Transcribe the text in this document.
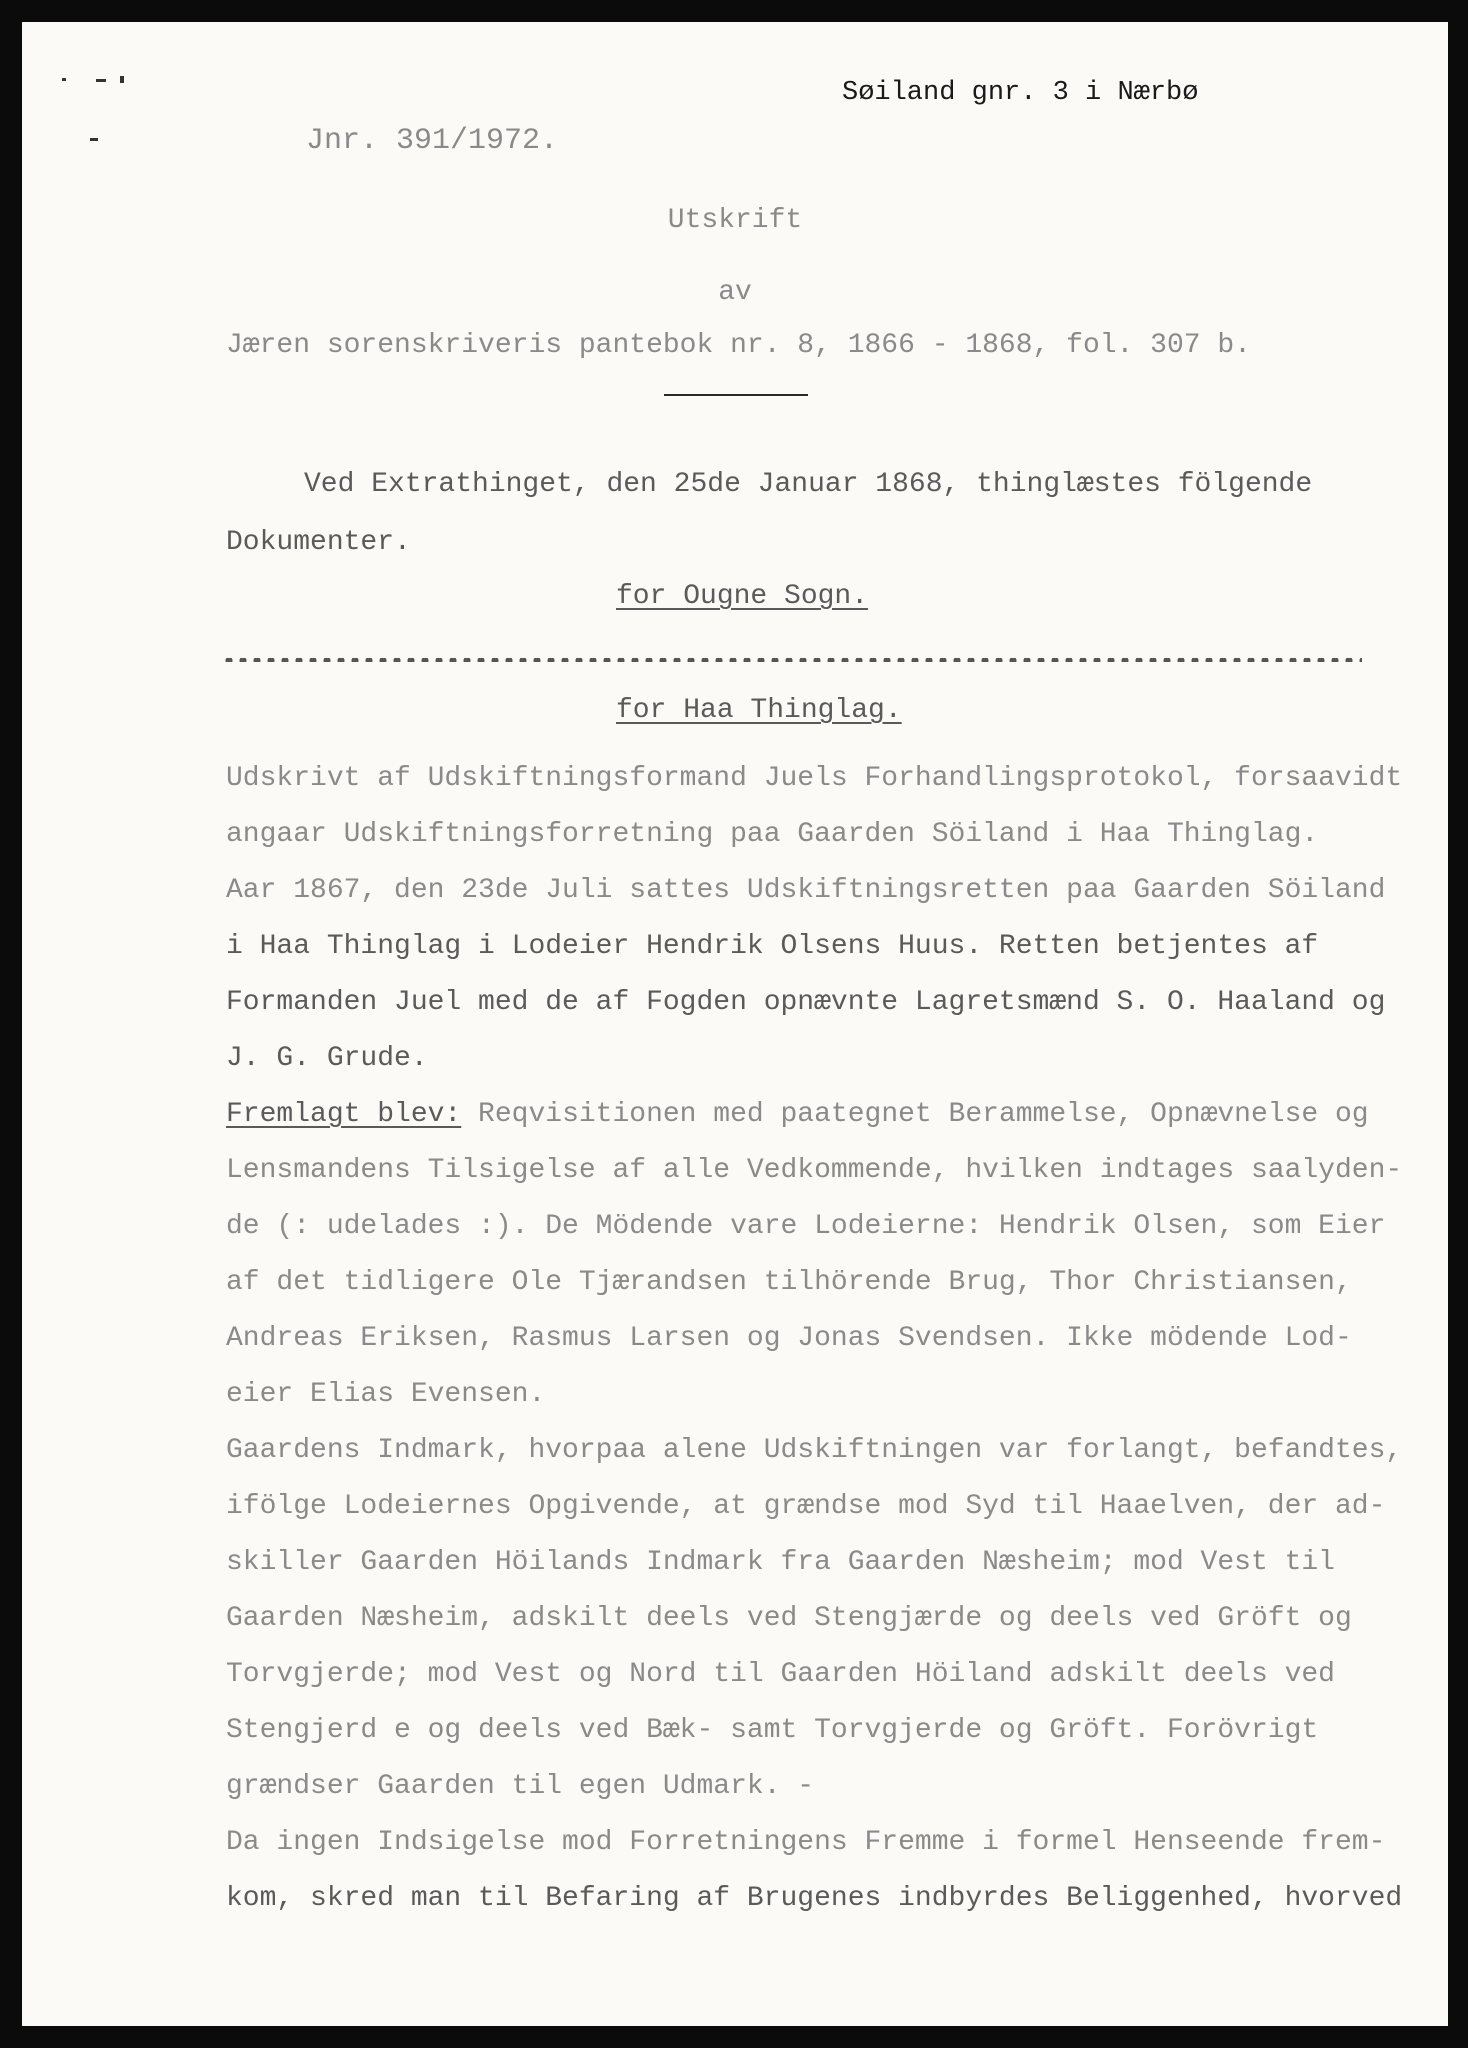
Søiland gnr. 3 i Nærbø
Jnr. 391/1972.
Utskrift
av
Jæren sorenskriveris pantebok nr. 8, 1866 - 1868, fol. 307 b.
Ved Extrathinget, den 25de Januar 1868, thinglæstes fölgende
Dokumenter.
for Ougne Sogn.
for Haa Thinglag.
Udskrivt af Udskiftningsformand Juels Forhandlingsprotokol, forsaavidt
angaar Udskiftningsforretning paa Gaarden Söiland i Haa Thinglag.
Aar 1867, den 23de Juli sattes Udskiftningsretten paa Gaarden Söiland
i Haa Thinglag i Lodeier Hendrik Olsens Huus. Retten betjentes af
Formanden Juel med de af Fogden opnævnte Lagretsmænd S. O. Haaland og
J. G. Grude.
Fremlagt blev: Reqvisitionen med paategnet Berammelse, Opnævnelse og
Lensmandens Tilsigelse af alle Vedkommende, hvilken indtages saalyden-
de (: udelades :). De Mödende vare Lodeierne: Hendrik Olsen, som Eier
af det tidligere Ole Tjærandsen tilhörende Brug, Thor Christiansen,
Andreas Eriksen, Rasmus Larsen og Jonas Svendsen. Ikke mödende Lod-
eier Elias Evensen.
Gaardens Indmark, hvorpaa alene Udskiftningen var forlangt, befandtes,
ifölge Lodeiernes Opgivende, at grændse mod Syd til Haaelven, der ad-
skiller Gaarden Höilands Indmark fra Gaarden Næsheim; mod Vest til
Gaarden Næsheim, adskilt deels ved Stengjærde og deels ved Gröft og
Torvgjerde; mod Vest og Nord til Gaarden Höiland adskilt deels ved
Stengjerd e og deels ved Bæk- samt Torvgjerde og Gröft. Forövrigt
grændser Gaarden til egen Udmark. -
Da ingen Indsigelse mod Forretningens Fremme i formel Henseende frem-
kom, skred man til Befaring af Brugenes indbyrdes Beliggenhed, hvorved
